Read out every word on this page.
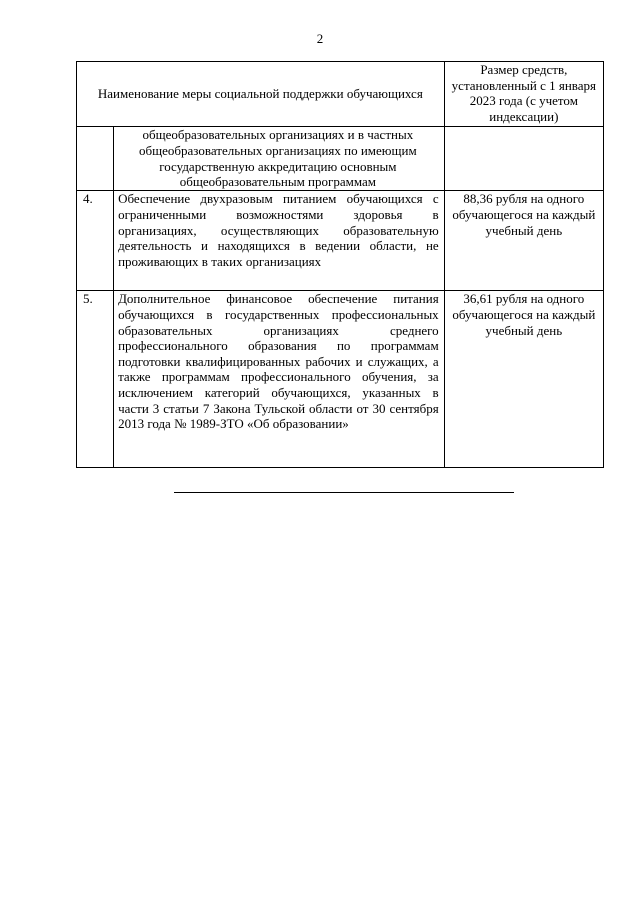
2
Наименование меры социальной поддержки обучающихся		Размер средств, установленный с 1 января 2023 года (с учетом индексации)
	общеобразовательных организациях и в частных общеобразовательных организациях по имеющим государственную аккредитацию основным общеобразовательным программам	
4.	Обеспечение двухразовым питанием обучающихся с ограниченными возможностями здоровья в организациях, осуществляющих образовательную деятельность и находящихся в ведении области, не проживающих в таких организациях	88,36 рубля на одного обучающегося на каждый учебный день
5.	Дополнительное финансовое обеспечение питания обучающихся в государственных профессиональных образовательных организациях среднего профессионального образования по программам подготовки квалифицированных рабочих и служащих, а также программам профессионального обучения, за исключением категорий обучающихся, указанных в части 3 статьи 7 Закона Тульской области от 30 сентября 2013 года № 1989-ЗТО «Об образовании»	36,61 рубля на одного обучающегося на каждый учебный день
